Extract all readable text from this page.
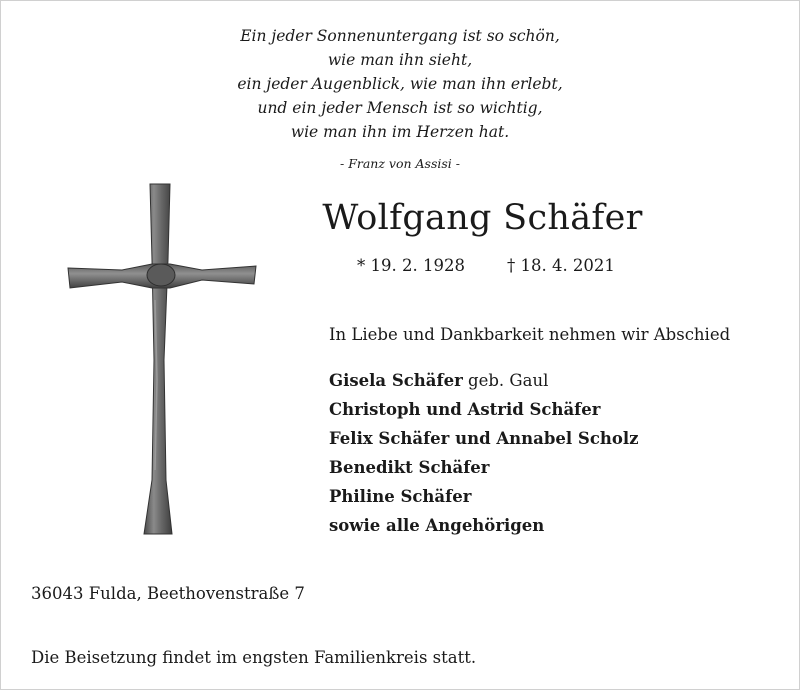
Ein jeder Sonnenuntergang ist so schön,
wie man ihn sieht,
ein jeder Augenblick, wie man ihn erlebt,
und ein jeder Mensch ist so wichtig,
wie man ihn im Herzen hat.
- Franz von Assisi -
Wolfgang Schäfer
* 19. 2. 1928	† 18. 4. 2021
In Liebe und Dankbarkeit nehmen wir Abschied
Gisela Schäfer geb. Gaul
Christoph und Astrid Schäfer
Felix Schäfer und Annabel Scholz
Benedikt Schäfer
Philine Schäfer
sowie alle Angehörigen
36043 Fulda, Beethovenstraße 7
Die Beisetzung findet im engsten Familienkreis statt.
